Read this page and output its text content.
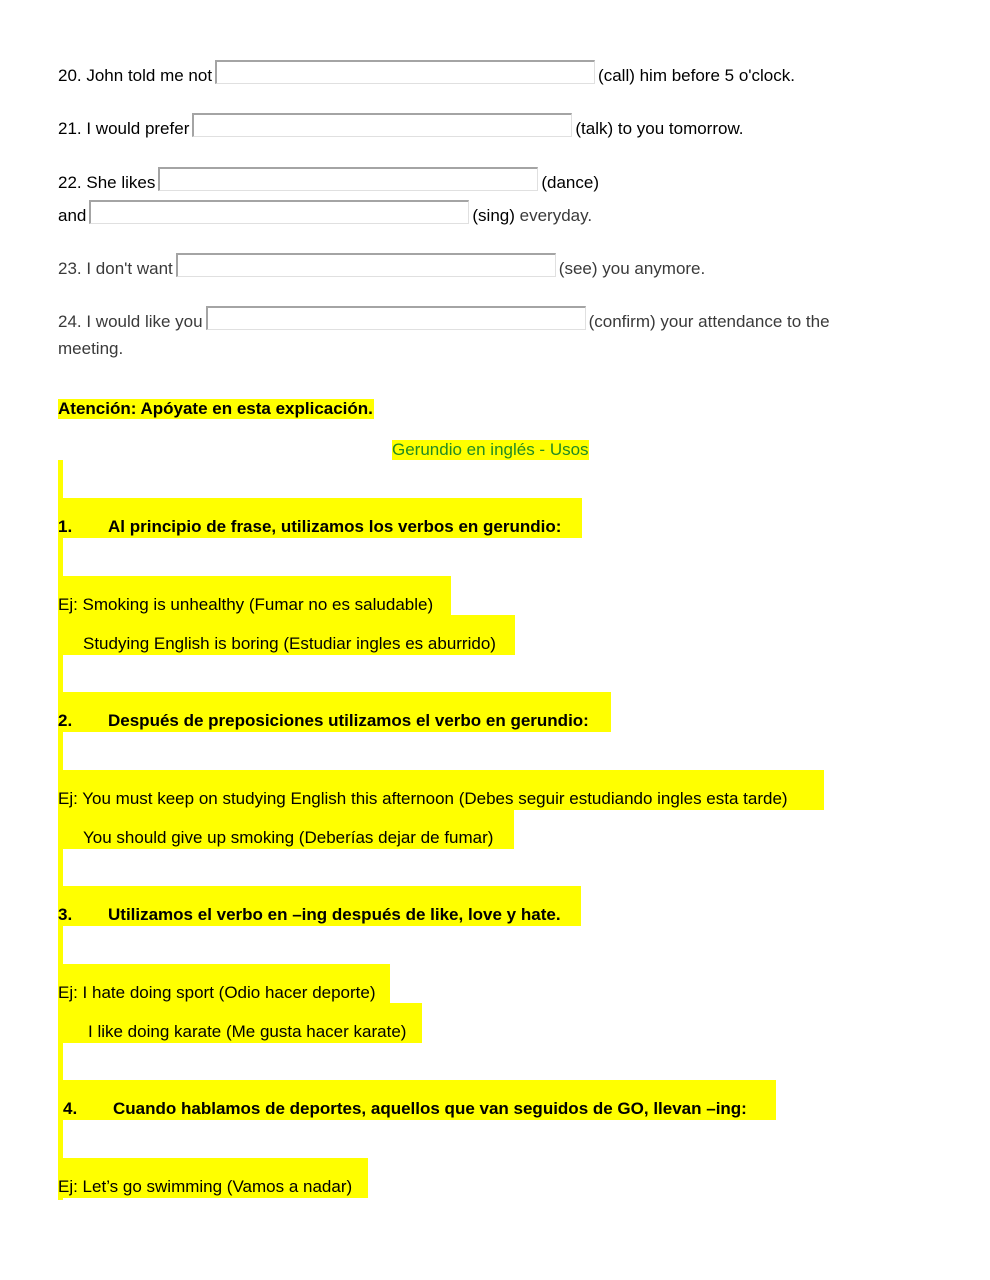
20. John told me not	(call) him before 5 o'clock.
21. I would prefer	(talk) to you tomorrow.
22. She likes	(dance)
and	(sing) everyday.
23. I don't want	(see) you anymore.
24. I would like you	(confirm) your attendance to the
meeting.
Atención: Apóyate en esta explicación.
Gerundio en inglés - Usos
1. Al principio de frase, utilizamos los verbos en gerundio:
Ej: Smoking is unhealthy (Fumar no es saludable)
Studying English is boring (Estudiar ingles es aburrido)
2. Después de preposiciones utilizamos el verbo en gerundio:
Ej: You must keep on studying English this afternoon (Debes seguir estudiando ingles esta tarde)
You should give up smoking (Deberías dejar de fumar)
3. Utilizamos el verbo en –ing después de like, love y hate.
Ej: I hate doing sport (Odio hacer deporte)
I like doing karate (Me gusta hacer karate)
4. Cuando hablamos de deportes, aquellos que van seguidos de GO, llevan –ing:
Ej: Let’s go swimming (Vamos a nadar)
